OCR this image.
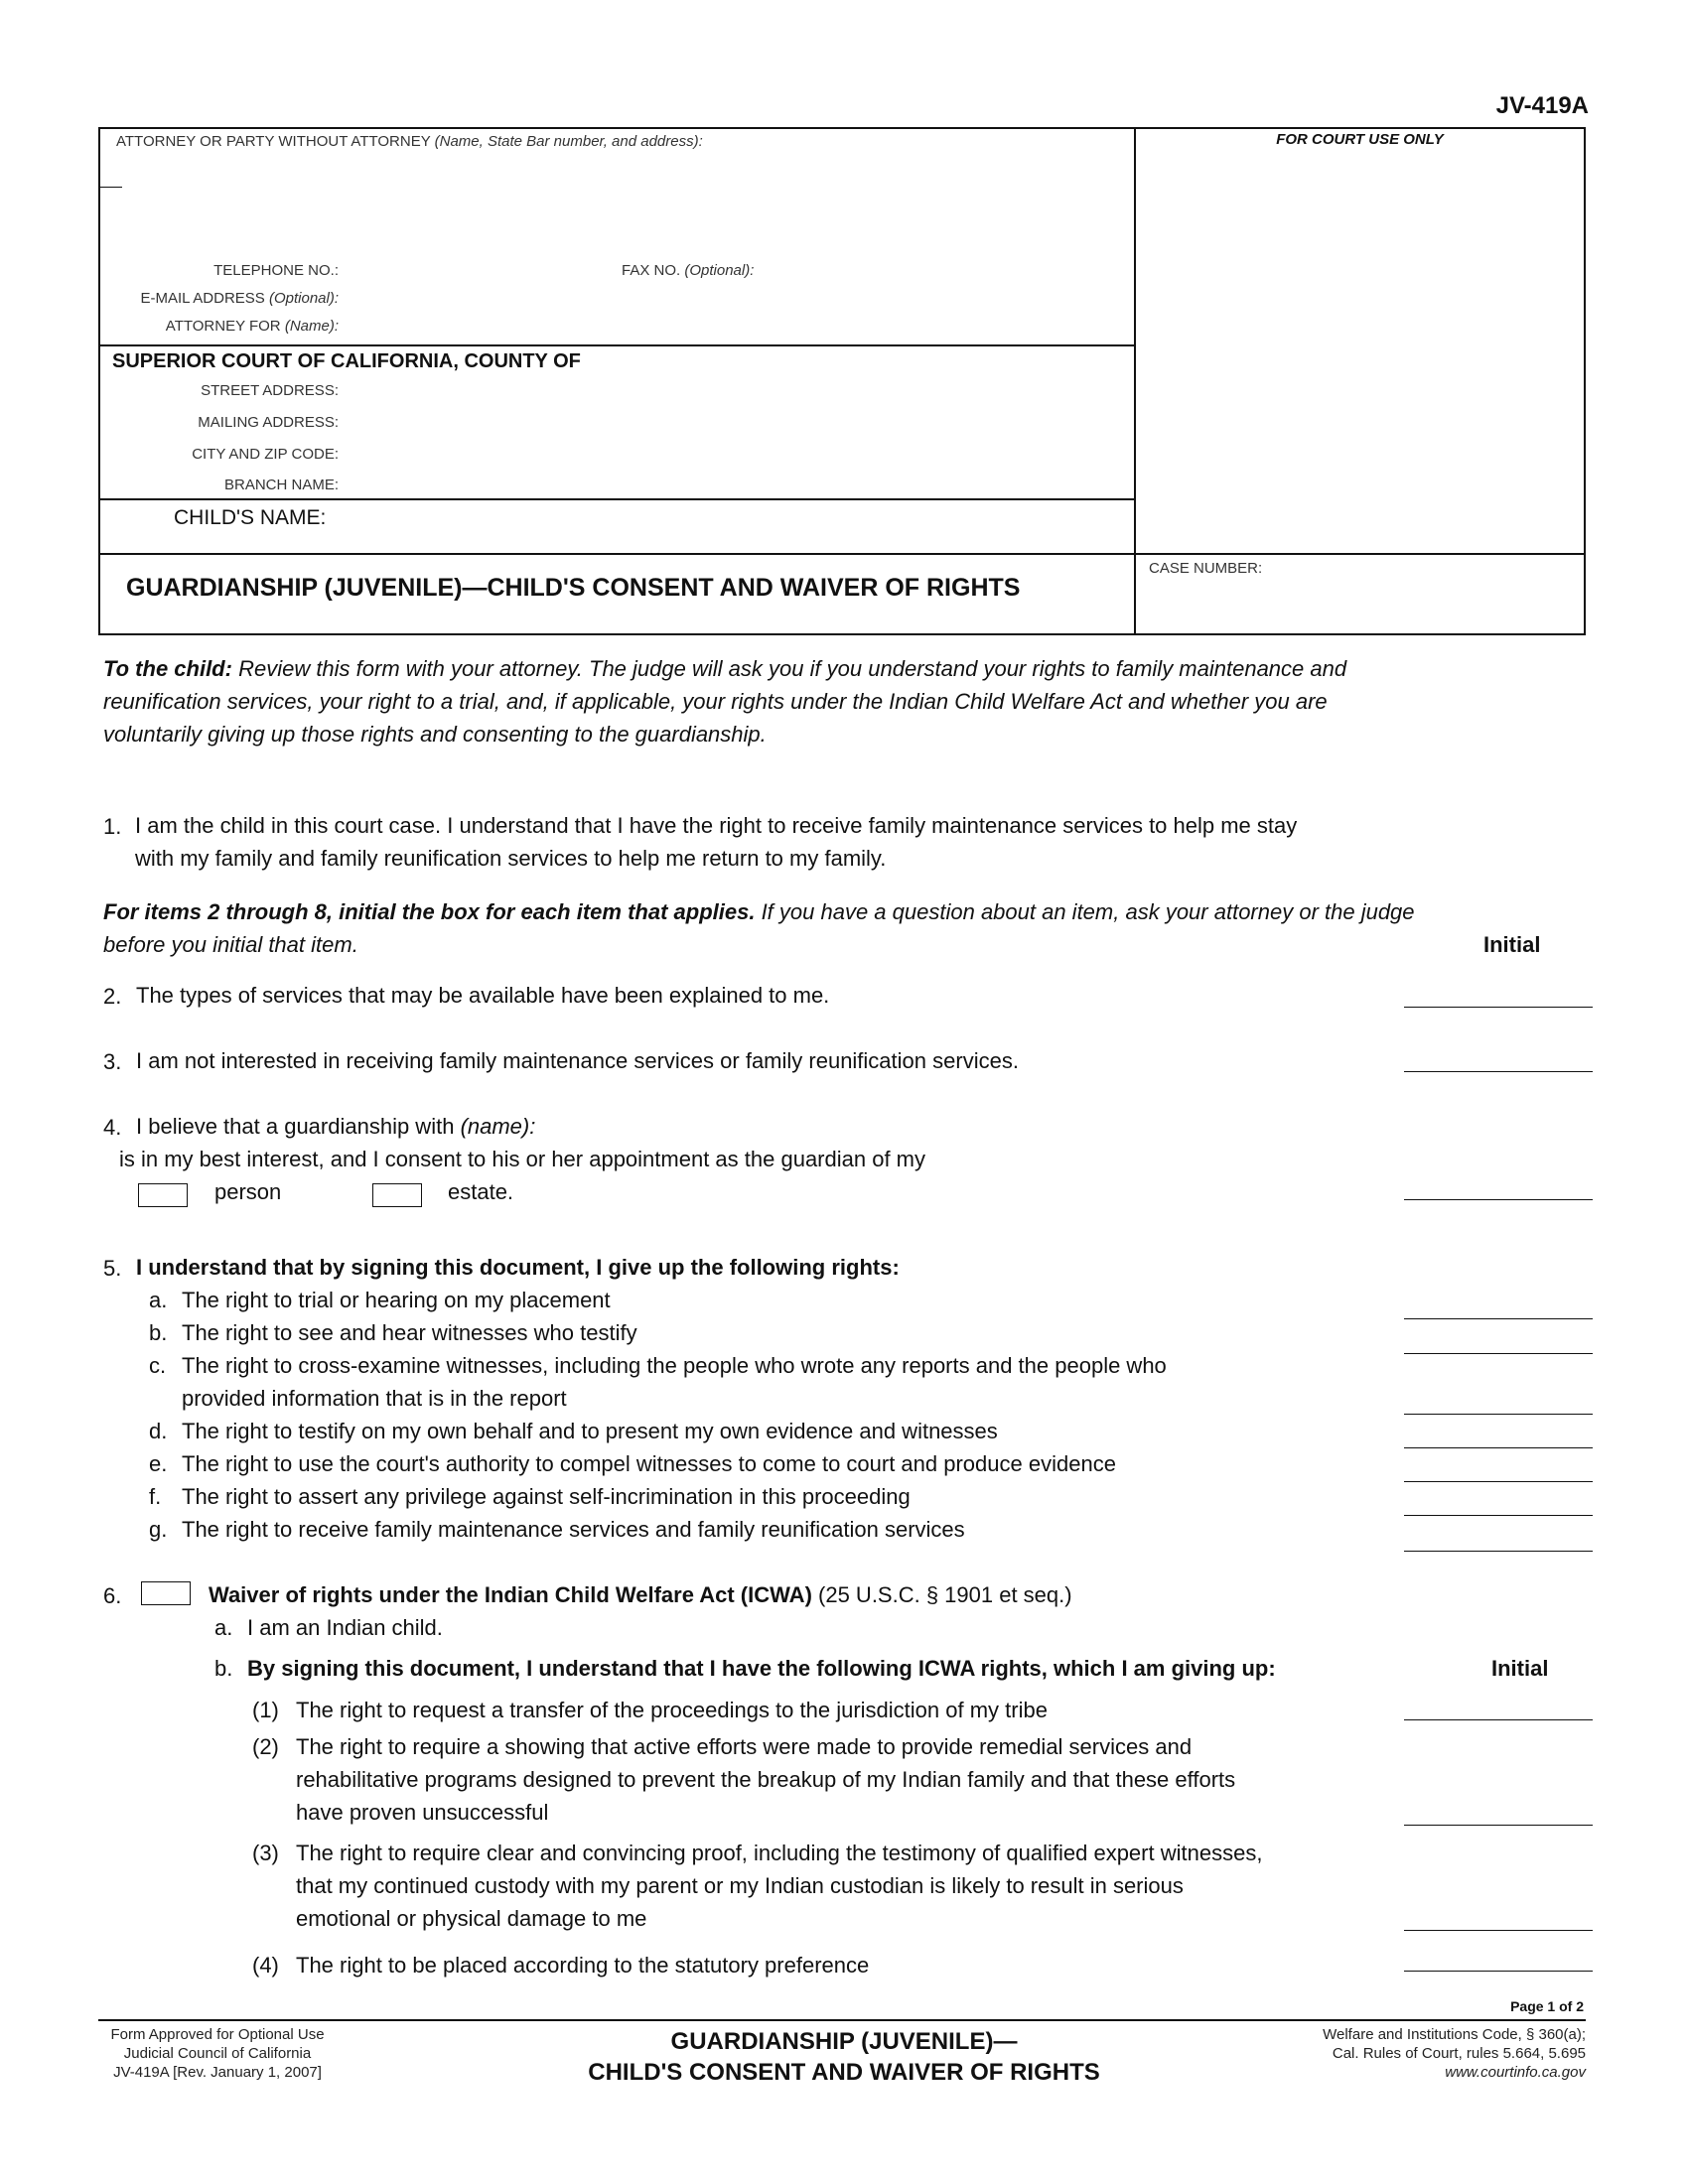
JV-419A
ATTORNEY OR PARTY WITHOUT ATTORNEY (Name, State Bar number, and address):	FOR COURT USE ONLY
TELEPHONE NO.:	FAX NO. (Optional):
E-MAIL ADDRESS (Optional):
ATTORNEY FOR (Name):
SUPERIOR COURT OF CALIFORNIA, COUNTY OF
STREET ADDRESS:
MAILING ADDRESS:
CITY AND ZIP CODE:
BRANCH NAME:
CHILD'S NAME:
GUARDIANSHIP (JUVENILE)—CHILD'S CONSENT AND WAIVER OF RIGHTS
CASE NUMBER:
To the child: Review this form with your attorney. The judge will ask you if you understand your rights to family maintenance and
reunification services, your right to a trial, and, if applicable, your rights under the Indian Child Welfare Act and whether you are
voluntarily giving up those rights and consenting to the guardianship.
1. I am the child in this court case. I understand that I have the right to receive family maintenance services to help me stay
with my family and family reunification services to help me return to my family.
For items 2 through 8, initial the box for each item that applies. If you have a question about an item, ask your attorney or the judge
before you initial that item.	Initial
2. The types of services that may be available have been explained to me.
3. I am not interested in receiving family maintenance services or family reunification services.
4. I believe that a guardianship with (name):
is in my best interest, and I consent to his or her appointment as the guardian of my
person	estate.
5. I understand that by signing this document, I give up the following rights:
a. The right to trial or hearing on my placement
b. The right to see and hear witnesses who testify
c. The right to cross-examine witnesses, including the people who wrote any reports and the people who
provided information that is in the report
d. The right to testify on my own behalf and to present my own evidence and witnesses
e. The right to use the court's authority to compel witnesses to come to court and produce evidence
f. The right to assert any privilege against self-incrimination in this proceeding
g. The right to receive family maintenance services and family reunification services
6.	Waiver of rights under the Indian Child Welfare Act (ICWA) (25 U.S.C. § 1901 et seq.)
a. I am an Indian child.
b. By signing this document, I understand that I have the following ICWA rights, which I am giving up:	Initial
(1) The right to request a transfer of the proceedings to the jurisdiction of my tribe
(2) The right to require a showing that active efforts were made to provide remedial services and
rehabilitative programs designed to prevent the breakup of my Indian family and that these efforts
have proven unsuccessful
(3) The right to require clear and convincing proof, including the testimony of qualified expert witnesses,
that my continued custody with my parent or my Indian custodian is likely to result in serious
emotional or physical damage to me
(4) The right to be placed according to the statutory preference
Page 1 of 2
Form Approved for Optional Use
Judicial Council of California
JV-419A [Rev. January 1, 2007]
GUARDIANSHIP (JUVENILE)—
CHILD'S CONSENT AND WAIVER OF RIGHTS
Welfare and Institutions Code, § 360(a);
Cal. Rules of Court, rules 5.664, 5.695
www.courtinfo.ca.gov
